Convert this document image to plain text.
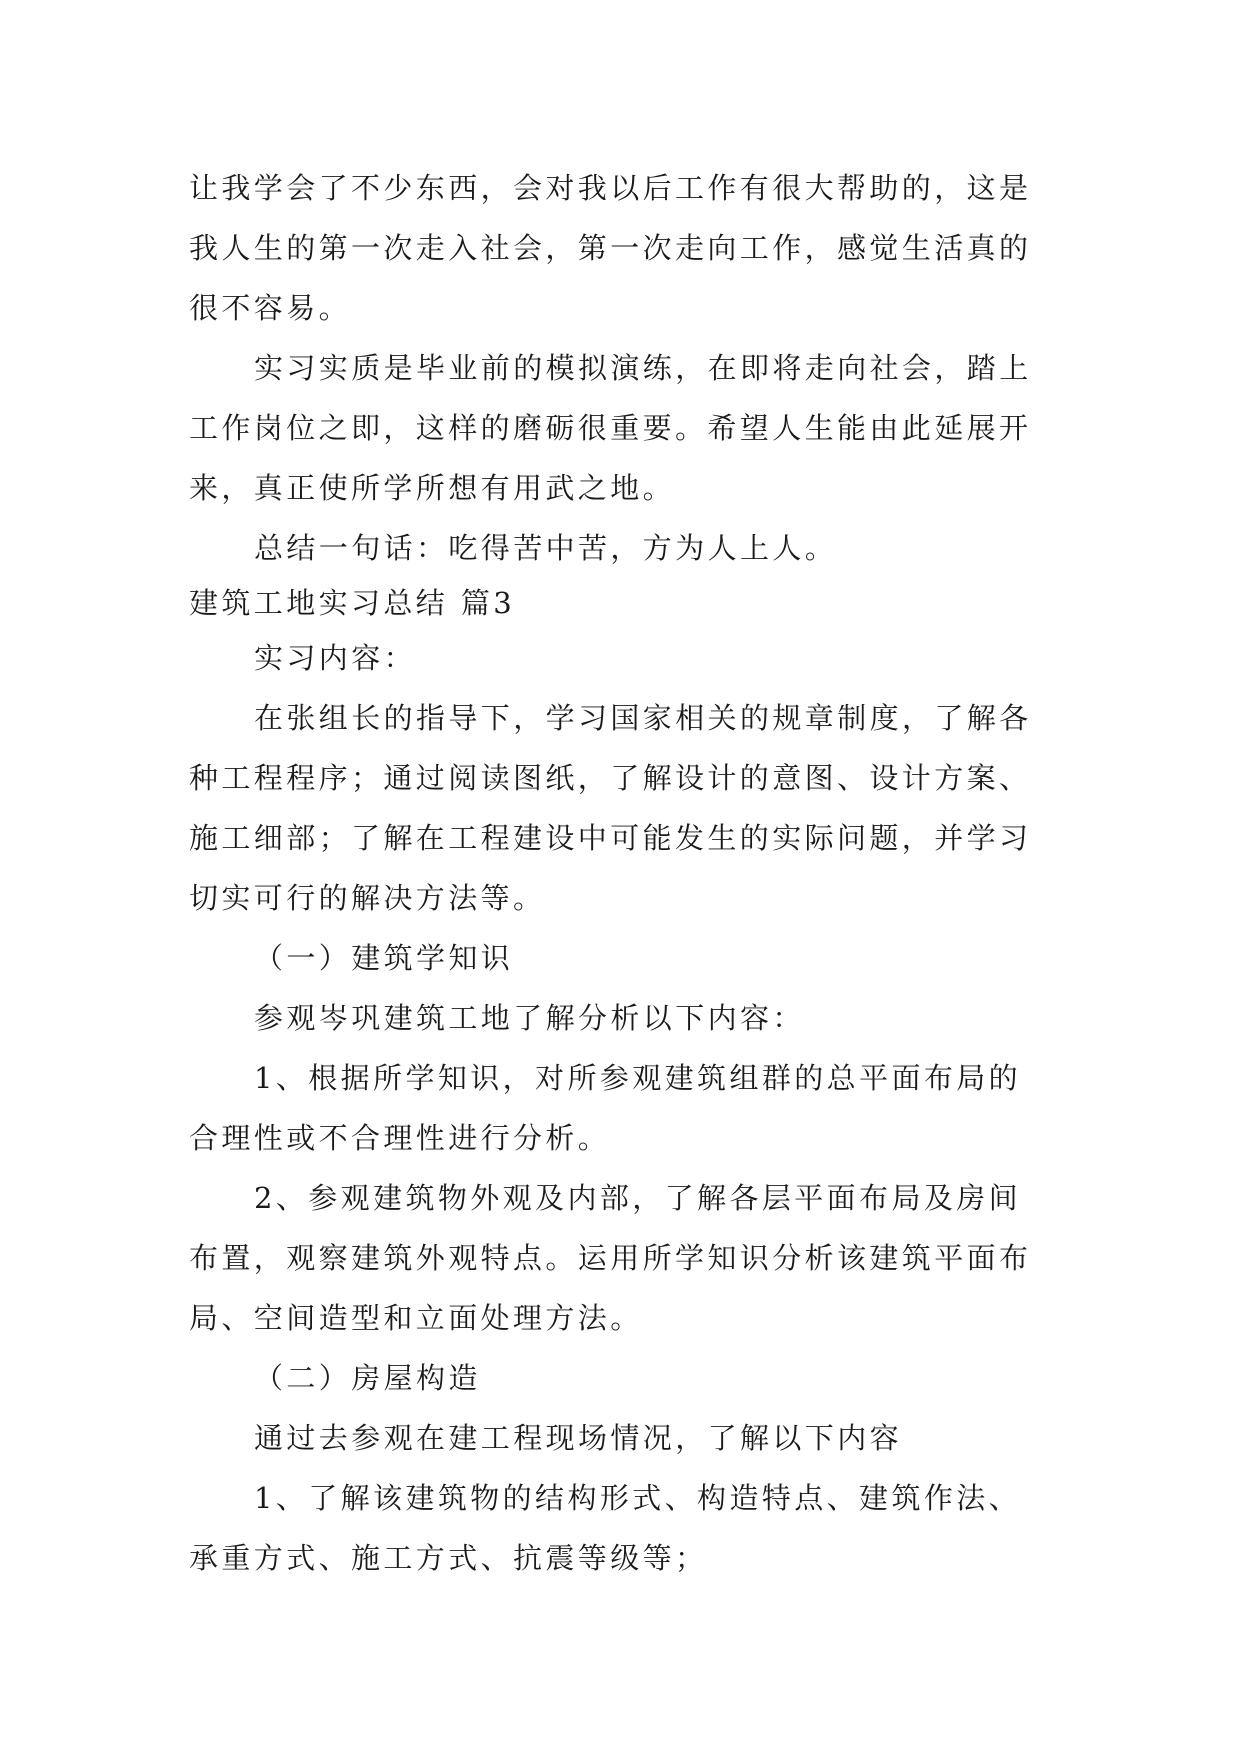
让我学会了不少东西，会对我以后工作有很大帮助的，这是
我人生的第一次走入社会，第一次走向工作，感觉生活真的
很不容易。
实习实质是毕业前的模拟演练，在即将走向社会，踏上
工作岗位之即，这样的磨砺很重要。希望人生能由此延展开
来，真正使所学所想有用武之地。
总结一句话：吃得苦中苦，方为人上人。
建筑工地实习总结 篇3
实习内容：
在张组长的指导下，学习国家相关的规章制度，了解各
种工程程序；通过阅读图纸，了解设计的意图、设计方案、
施工细部；了解在工程建设中可能发生的实际问题，并学习
切实可行的解决方法等。
（一）建筑学知识
参观岑巩建筑工地了解分析以下内容：
1、根据所学知识，对所参观建筑组群的总平面布局的
合理性或不合理性进行分析。
2、参观建筑物外观及内部，了解各层平面布局及房间
布置，观察建筑外观特点。运用所学知识分析该建筑平面布
局、空间造型和立面处理方法。
（二）房屋构造
通过去参观在建工程现场情况，了解以下内容
1、了解该建筑物的结构形式、构造特点、建筑作法、
承重方式、施工方式、抗震等级等；
